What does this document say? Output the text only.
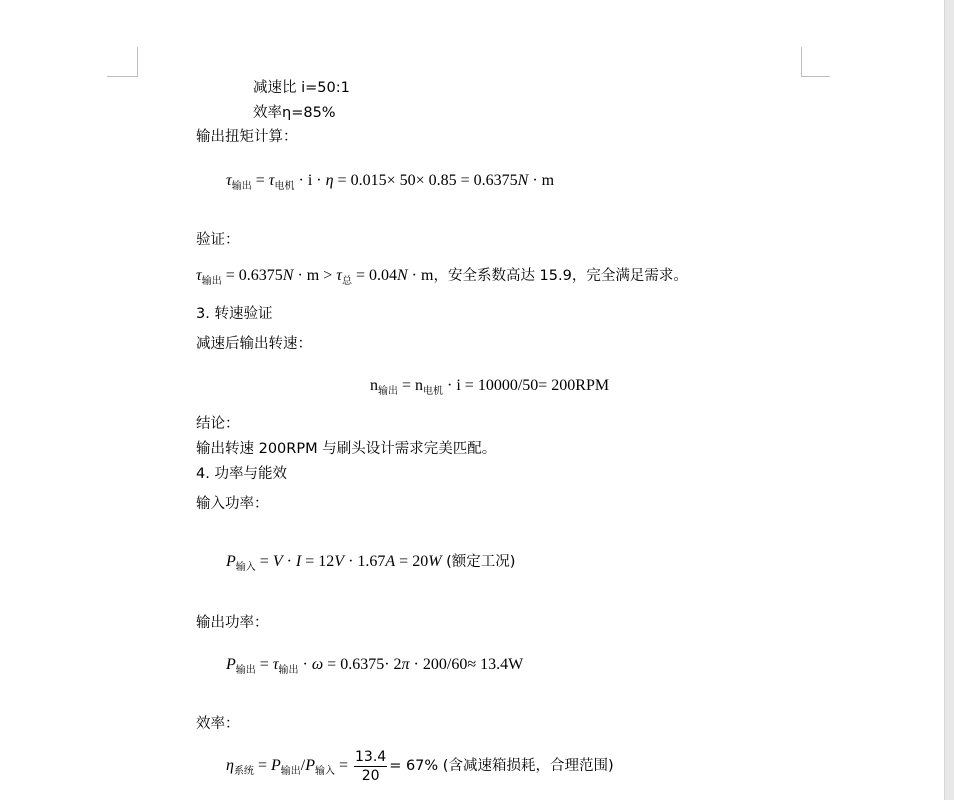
减速比 i=50:1
效率η=85%
输出扭矩计算：
$\tau_{输出} = \tau_{电机} \cdot i \cdot \eta = 0.015\times 50\times 0.85 = 0.6375N \cdot m$
验证：
$\tau_{输出} = 0.6375N \cdot m > \tau_总 = 0.04N \cdot m$，安全系数高达 15.9，完全满足需求。
3. 转速验证
减速后输出转速：
$n_{输出} = n_{电机} \cdot i = 10000/50= 200RPM$
结论：
输出转速 200RPM 与刷头设计需求完美匹配。
4. 功率与能效
输入功率：
$P_{输入} = V \cdot I = 12V \cdot 1.67A = 20W$ (额定工况)
输出功率：
$P_{输出} = \tau_{输出} \cdot \omega = 0.6375\cdot 2\pi \cdot 200/60\approx 13.4W$
效率：
$\eta_{系统} = P_{输出}/P_{输入} = \frac{13.4}{20} = 67\%$ (含减速箱损耗，合理范围)
